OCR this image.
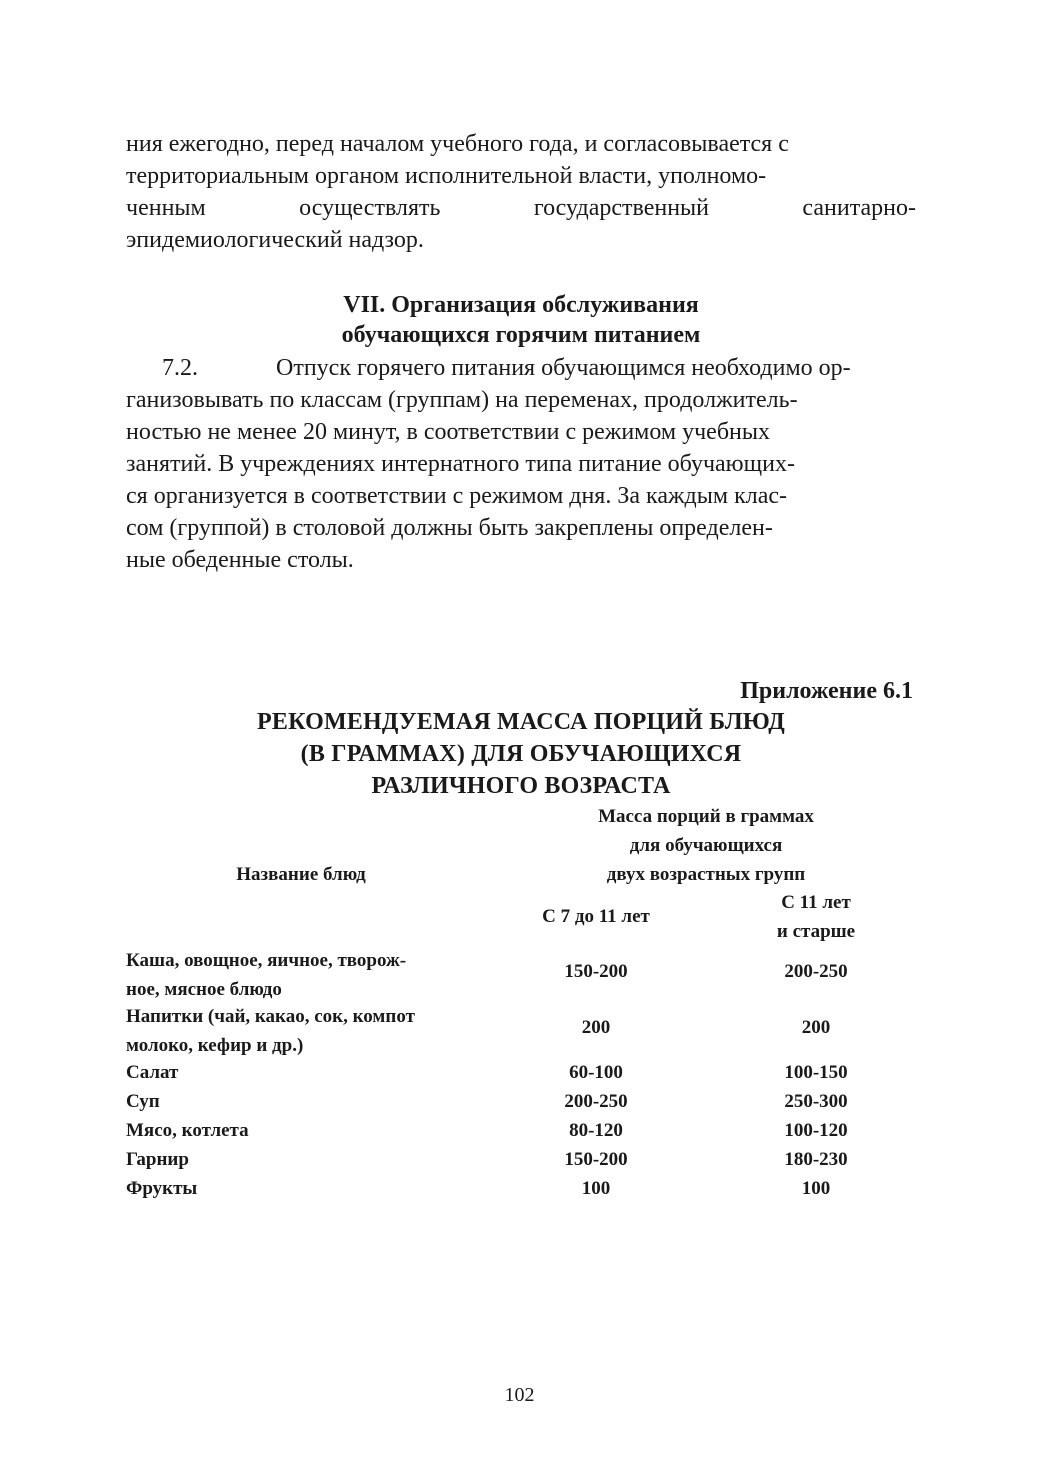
ния ежегодно, перед началом учебного года, и согласовывается с
территориальным органом исполнительной власти, уполномо-
ченным	осуществлять	государственный	санитарно-
эпидемиологический надзор.
VII. Организация обслуживания
обучающихся горячим питанием
7.2.	Отпуск горячего питания обучающимся необходимо ор-
ганизовывать по классам (группам) на переменах, продолжитель-
ностью не менее 20 минут, в соответствии с режимом учебных
занятий. В учреждениях интернатного типа питание обучающих-
ся организуется в соответствии с режимом дня. За каждым клас-
сом (группой) в столовой должны быть закреплены определен-
ные обеденные столы.
Приложение 6.1
РЕКОМЕНДУЕМАЯ МАССА ПОРЦИЙ БЛЮД
(В ГРАММАХ) ДЛЯ ОБУЧАЮЩИХСЯ
РАЗЛИЧНОГО ВОЗРАСТА
Масса порций в граммах
для обучающихся
двух возрастных групп
Название блюд
С 7 до 11 лет
С 11 лет
и старше
Каша, овощное, яичное, творож-
ное, мясное блюдо
150-200	200-250
Напитки (чай, какао, сок, компот
молоко, кефир и др.)
200	200
Салат	60-100	100-150
Суп	200-250	250-300
Мясо, котлета	80-120	100-120
Гарнир	150-200	180-230
Фрукты	100	100
102
